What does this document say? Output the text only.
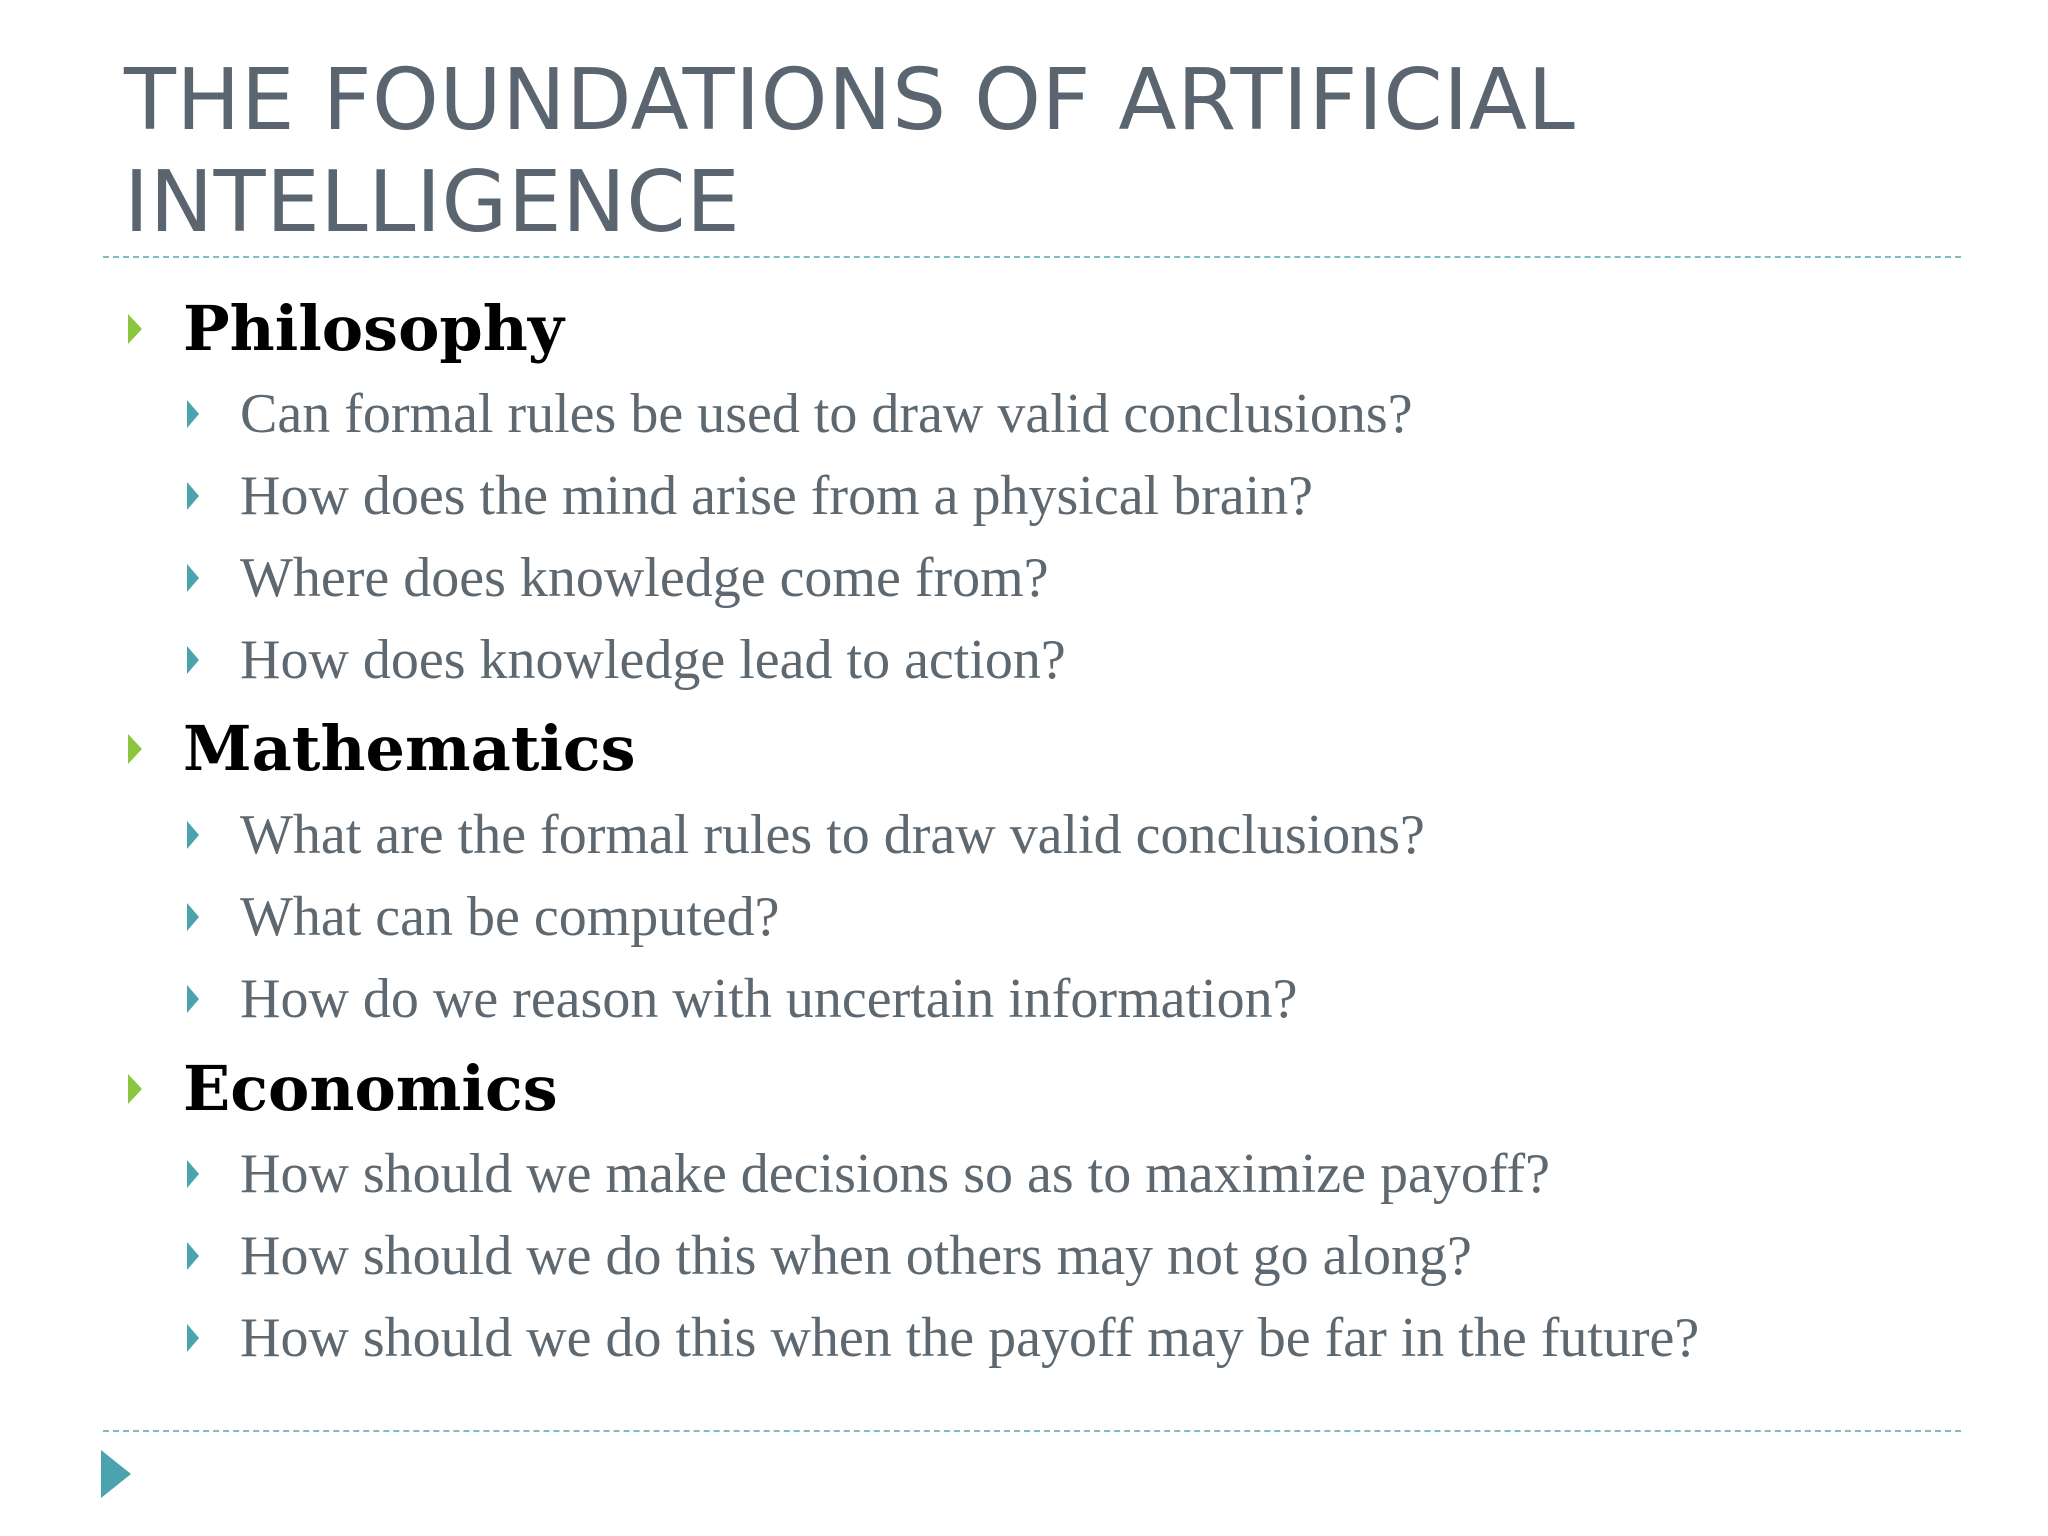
THE FOUNDATIONS OF ARTIFICIAL
INTELLIGENCE
Philosophy
Can formal rules be used to draw valid conclusions?
How does the mind arise from a physical brain?
Where does knowledge come from?
How does knowledge lead to action?
Mathematics
What are the formal rules to draw valid conclusions?
What can be computed?
How do we reason with uncertain information?
Economics
How should we make decisions so as to maximize payoff?
How should we do this when others may not go along?
How should we do this when the payoff may be far in the future?
